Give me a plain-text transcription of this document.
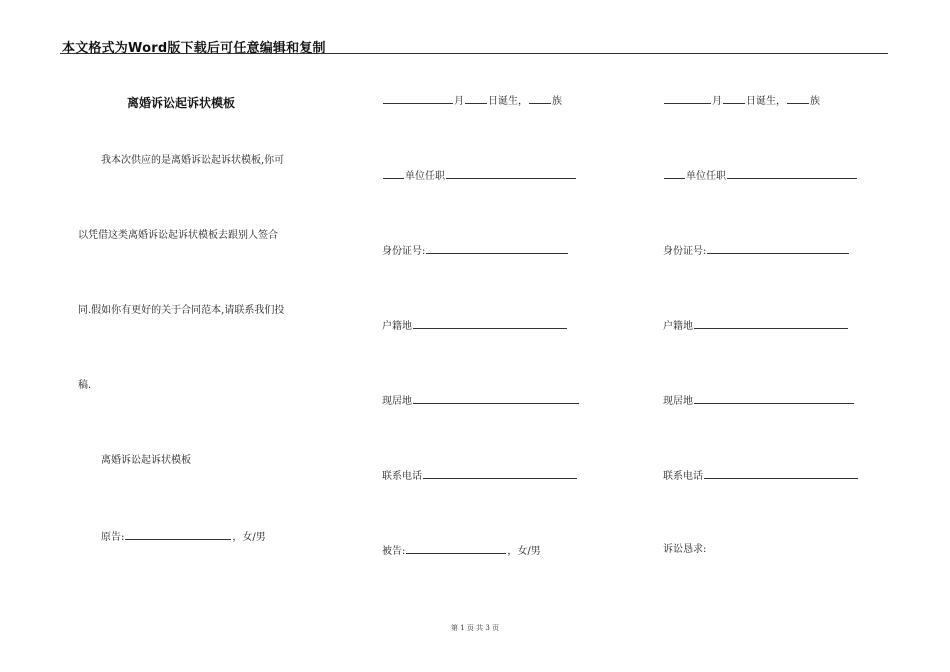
本文格式为Word版下载后可任意编辑和复制
离婚诉讼起诉状模板
我本次供应的是离婚诉讼起诉状模板,你可
以凭借这类离婚诉讼起诉状模板去跟别人签合
同.假如你有更好的关于合同范本,请联系我们投
稿.
离婚诉讼起诉状模板
原告:	，女/男
月 日诞生， 族
单位任职
身份证号:
户籍地
现居地
联系电话
被告:	，女/男
月 日诞生， 族
单位任职
身份证号:
户籍地
现居地
联系电话
诉讼恳求:
第 1 页 共 3 页
